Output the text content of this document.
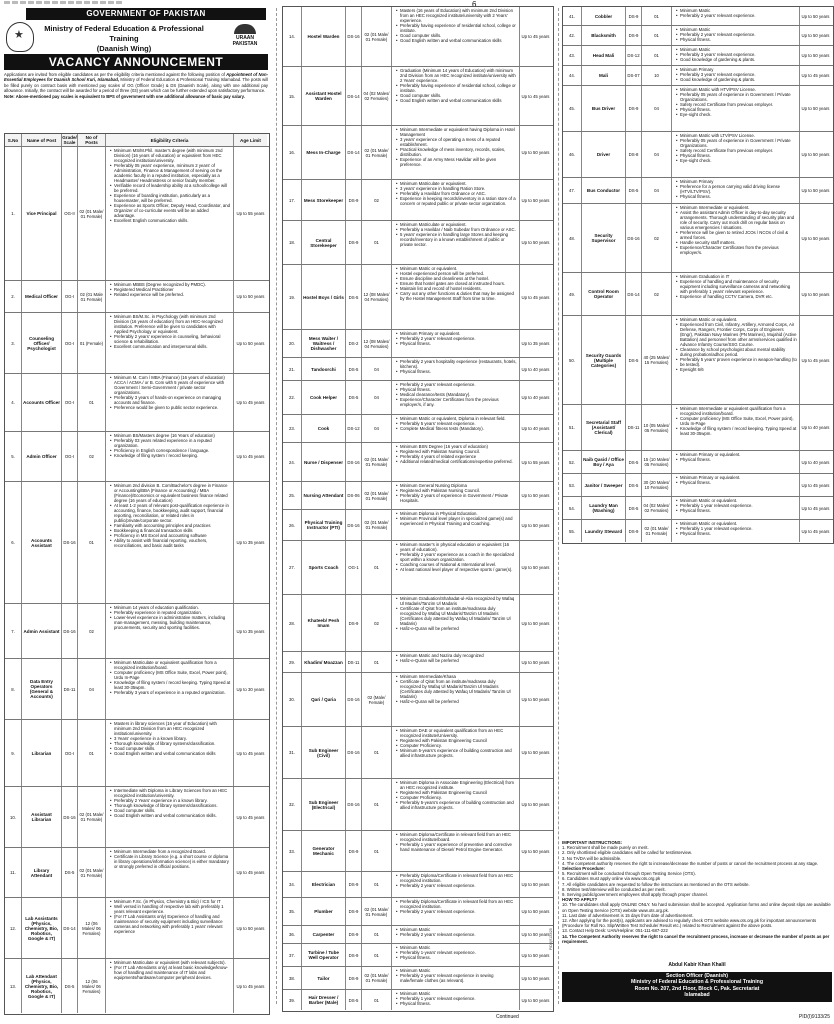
6
GOVERNMENT OF PAKISTAN
★
Ministry of Federal Education & Professional Training
(Daanish Wing)
URAAN
PAKISTAN
VACANCY ANNOUNCEMENT
Applications are invited from eligible candidates as per the eligibility criteria mentioned against the following position of Appointment of Non-Essential Employees for Daanish School Kuri, Islamabad, Ministry of Federal Education & Professional Training Islamabad. The posts will be filled purely on contract basis with mentioned pay scales of OG (Officer Grade) & DS (Daanish Scale), along with one additional pay allowance. Initially, the contract will be awarded for a period of three (03) years which can be further extended upon satisfactory performance.
Note: Above-mentioned pay scales is equivalent to BPS of government with one additional allowance of basic pay salary.
S.No	Name of Post	Grade/ Scale
No of Posts	Eligibility Criteria	Age Limit
1.	Vice Principal	OG-II	02 (01 Male/ 01 Female)
• Minimum MS/M.Phil. master's degree (with minimum 2nd Division) (16 years of education) or equivalent from HEC recognized institution/university.
• Preferably 05 years' experience, minimum 2 years' of Administration, Finance & Management of serving on the academic faculty in a reputed institution, especially as a Headmaster/ Headmistress or senior faculty member.
• Verifiable record of leadership ability at a school/college will be preferred.
• Experience of boarding institution, particularly as a housemaster, will be preferred.
• Experience as Sports Officer, Deputy Head, Coordinator, and Organizer of co-curricular events will be an added advantage.
• Excellent English communication skills.
Up to 55 years
2.	Medical Officer	OG-I	02 (01 Male 01 Female)
• Minimum MBBS (Degree recognized by PMDC).
• Registered Medical Practitioner
• Related experience will be preferred.	Up to 50 years
3.
Counseling Officer/ Psychologist
OG-I	01 (Female)
• Minimum BS/M.Sc. in Psychology (with minimum 2nd Division (16 years of education) from an HEC-recognized institution. Preference will be given to candidates with Applied Psychology or equivalent.
• Preferably 2 years' experience in counseling, behavioral science & rehabilitation.
• Excellent communication and interpersonal skills.
Up to 50 years
4.	Accounts Officer	OG-I	01
• Minimum M. Com / MBA (Finance) (16 years of education) ACCA / ACMA / or B. Com with 5 years of experience with Government / Semi-Government / private sector organizations.
• Preferably 3 years of hands-on experience on managing accounts and finance.
• Preference would be given to public sector experience.
Up to 45 years
5.	Admin Officer	OG-I	02
• Minimum BS/Masters degree (16 Years of education)
• Preferably 03 years related experience in a reputed organization.
• Proficiency in English correspondence / language.
• Knowledge of filing system / record keeping.	Up to 45 years
6.	Accounts Assistant	DS-16	01
• Minimum 2nd division B. Com/Bachelor's degree in Finance or Accounting/BBA (Finance or Accounting) / MBA (Finance)/Economics or equivalent business finance related degree (16 years of education)
• At least 1-2 years of relevant post-qualification experience in accounting, finance, bookkeeping, audit support, financial reporting, reconciliation, or related roles in public/private/corporate sector.
• Familiarity with accounting principles and practices
• Bookkeeping & financial transaction skills
• Proficiency in MS Excel and accounting software
• Ability to assist with financial reporting, vouchers, reconciliations, and basic audit tasks
Up to 35 years
7.	Admin Assistant DS-16	02
• Minimum 14 years of education qualification.
• Preferably experience in reputed organization.
• Lower-level experience in administrative matters, including man-management, messing, building maintenance, procurements, security and sporting facilities.
Up to 35 years
8.
Data Entry Operators (General & Accounts)
DS-11	04
• Minimum Matriculate or equivalent qualification from a recognized institution/board.
• Computer proficiency (MS Office Suite, Excel, Power point), Urdu In-Page
• Knowledge of filing system / record keeping. Typing Speed at least 30-35wpm.
• Preferably 3 years of experience in a reputed organization.
Up to 30 years
9.	Librarian	OG-I	01
• Masters in library sciences (16 year of Education) with minimum 2nd Division from an HEC recognized institution/university.
• 3 Years' experience in a known library.
• Thorough knowledge of library systems/classification.
• Good computer skills.
• Good English written and verbal communication skills	Up to 45 years
10.	Assistant Librarian	DS-16 02 (01 Male/ 01 Female)
• Intermediate with Diploma in Library Sciences from an HEC recognized institution/university.
• Preferably 2 Years' experience in a known library.
• Thorough knowledge of library systems/classifications.
• Good computer skills.
• Good English written and verbal communication skills.	Up to 45 years
11.	Library Attendant	DS-5	02 (01 Male/ 01 Female)
• Minimum Intermediate from a recognized Board.
• Certificate in Library Science (e.g. a short course or diploma in library operations/information science) is either mandatory or strongly preferred in official positions.
Up to 45 years
12.
Lab Assistants (Physics, Chemistry, Bio, Robotics, Google & IT)
DS-14
12 (06 Males/ 06 Females)
• Minimum F.Sc. (in Physics, Chemistry & Bio) / ICS for IT
• Well versed in handling of respective lab with preferably 1 years relevant experience.
• (For IT Lab Assistants only) Experience of handling and maintenance of security equipment including surveillance cameras and networking with preferably 1 years' relevant experience
Up to 50 years
13.
Lab Attendant (Physics, Chemistry, Bio, Robotics, Google & IT)
DS-5
12 (06 Males/ 06 Females)
• Minimum Matriculate or equivalent (with relevant subjects).
• (For IT Lab Attendants only) at least basic knowledge/know-how of handling and maintenance of IT labs and equipments/hardware/computer peripheral devices.
Up to 45 years
14.	Hostel Warden	DS-16	02 (01 Male/ 01 Female)
• Masters (16 years of Education) with minimum 2nd Division from an HEC recognized institute/university with 2 Years' experience.
• Preferably having experience of residential school, college or institute.
• Good computer skills.
• Good English written and verbal communication skills
Up to 45 years
15.	Assistant Hostel Warden	DS-14 04 (02 Males/ 02 Females)
• Graduation (Minimum 14 years of Education) with minimum 2nd Division from an HEC recognized institute/university with 2 Years' experience.
• Preferably having experience of residential school, college or institute.
• Good computer skills.
• Good English written and verbal communication skills
Up to 45 years
16.	Mess In-Charge	DS-14	02 (01 Male/ 01 Female)
• Minimum Intermediate or equivalent having Diploma in Hotel Management
• 3 years' experience of operating a mess of a reputed establishment.
• Practical knowledge of mess inventory, records, scales, distribution.
• Experience of an Army Mess Havildar will be given preference.
Up to 50 years
17.	Mess Storekeeper	DS-9	02
• Minimum Matriculate or equivalent.
• 3 years' experience in handling Ration Store.
• Preferably a Havildar from Ordnance or ASC.
• Experience in keeping records/inventory in a ration store of a concern or reputed public or private sector organization.
Up to 50 years
18.	Central Storekeeper	DS-9	01
• Minimum Matriculate or equivalent.
• Preferably a Havildar / Naib Subedar from Ordnance or ASC.
• 5 years' experience in handling large Stores and keeping records/inventory in a known establishment of public or private sector.	Up to 50 years
19.	Hostel Boys / Girls	DS-5	12 (08 Males/ 04 Females)
• Minimum Matric or equivalent.
• Hostel experienced person will be preferred.
• Ensure discipline and cleanliness at the hostel.
• Ensure that hostel gates are closed at instructed hours.
• Maintain list and record of hostel residents.
• Carry out any other functions & duties that may be assigned by the Hostel Management Staff from time to time.	Up to 45 years
20.
Mess Waiter / Waitress / Dishwasher
DS-2	12 (08 Males/ 04 Females)
• Minimum Primary or equivalent.
• Preferably 2 years' relevant experience.
• Physical fitness.	Up to 35 years
21.	Tandoorchi	DS-5	04
• Preferably 2 years hospitality experience (restaurants, hotels, kitchens).
• Physical fitness.	Up to 40 years
22.	Cook Helper	DS-5	04
• Preferably 2 years' relevant experience.
• Physical fitness.
• Medical clearance/tests (Mandatory).
• Experience/Character Certificates from the previous employer/s, if any.
Up to 40 years
23.	Cook	DS-12	04
• Minimum Matric or equivalent, Diploma in relevant field.
• Preferably 5 years' relevant experience.
• Complete Medical fitness tests (Mandatory).	Up to 40 years
24.	Nurse / Dispenser	DS-16	02 (01 Male/ 01 Female)
• Minimum BSN Degree (16 years of education)
• Registered with Pakistan Nursing Council.
• Preferably 4 years of related experience
• Additional related/medical certifications/expertise preferred.	Up to 55 years
25.	Nursing Attendant DS-06	02 (01 Male/ 01 Female)
• Minimum General Nursing Diploma
• Registered with Pakistan Nursing Council.
• Preferably 2 years of experience in Government / Private Hospitals.
Up to 50 years
26.	Physical Training Instructor (PTI)	DS-16	02 (01 Male/ 01 Female)
• Minimum Diploma in Physical Education.
• Minimum Provincial level player in specialized game(s) and experienced in Physical Training and Coaching.	Up to 50 years
27.	Sports Coach	OG-1	01
• Minimum master's in physical education or equivalent (16 years of education).
• Preferably 2 years' experience as a coach in the specialized sport within a known organization.
• Coaching courses of National & International level.
• At least national level player of respective sports / game(s).	Up to 50 years
28.	Khateeb/ Pesh Imam	DS-9	02
• Minimum Graduation/Shahadat-ul-Alia recognized by Wafaq Ul Madaris/Tanzim Ul Madaris
• Certificate of Qirat from an institute/madrassa duly recognized by Wafaq Ul Madaris/Tanzim Ul Madaris (Certificates duly attested by Wafaq Ul Madaris/ Tanzim Ul Madaris)
• Hafiz-e-Quran will be preferred
Up to 50 years
29.	Khadim/ Moazzan	DS-11	01
• Minimum Matric and Nazira duly recognized
• Hafiz-e-Quran will be preferred	Up to 50 years
30.	Qari / Qaria	DS-16	02 (Male/ Female)
• Minimum Intermediate/Khasa
• Certificate of Qirat from an institute/madrassa duly recognized by Wafaq Ul Madaris/Tanzim Ul Madaris (Certificates duly attested by Wafaq Ul Madaris/ Tanzim Ul Madaris)
• Hafiz-e-Quran will be preferred	Up to 50 years
31.	Sub Engineer (Civil)	DS-16	01
• Minimum DAE or equivalent qualification from an HEC recognized institute/University.
• Registered with Pakistan Engineering Council
• Computer Proficiency.
• Minimum 5-years's experience of building construction and allied infrastructure projects.
Up to 50 years
32.	Sub Engineer (Electrical)	DS-16	01
• Minimum Diploma in Associate Engineering (Electrical) from an HEC recognized institute.
• Registered with Pakistan Engineering Council
• Computer Proficiency.
• Preferably 5-years's experience of building construction and allied infrastructure projects.
Up to 50 years
33.	Generator Mechanic	DS-9	01
• Minimum Diploma/Certificate in relevant field from an HEC recognized institute/board.
• Preferably 1 years' experience of preventive and corrective hand maintenance of Diesel/ Petrol Engine Generator.	Up to 50 years
34.	Electrician	DS-9	01
• Preferably Diploma/Certificate in relevant field from an HEC recognized institution.
• Preferably 2 years' relevant experience.	Up to 50 years
35.	Plumber	DS-9	02 (01 Male/ 01 Female)
• Preferably Diploma/Certificate in relevant field from an HEC recognized institution.
• Preferably 2 years' relevant experience.	Up to 50 years
36.	Carpenter	DS-9	01
• Minimum Matric
• Preferably 2 years' relevant experience.	Up to 50 years
37.	Turbine / Tube Well Operator	DS-9	01
• Minimum Matric
• Preferably 1-years' relevant experience.
• Physical fitness.	Up to 50 years
38.	Tailor	DS-9	02 (01 Male/ 01 Female)
• Minimum Matric
• Preferably 2 years' relevant experience in sewing male/female clothes (as relevant).	Up to 50 years
39.	Hair Dresser / Barber (Male)	DS-5	01
• Minimum Matric
• Preferably 1 years' relevant experience.
• Physical fitness.
Up to 50 years
41.	Cobbler	DS-9	01
• Minimum Matric
• Preferably 2 years' relevant experience.	Up to 50 years
42.	Blacksmith	DS-9	01
• Minimum Matric
• Preferably 2 years' relevant experience.
• Physical fitness.
Up to 50 years
43.	Head Mali	DS-12	01
• Minimum Matric
• Preferably 3 years' relevant experience.
• Good knowledge of gardening & plants.
Up to 50 years
44.	Mali	DS-07	10
• Minimum Primary
• Preferably 3 years' relevant experience.
• Good knowledge of gardening & plants.
Up to 45 years
45.	Bus Driver	DS-9	04
• Minimum Matric with HTV/PSV License.
• Preferably 05 years of experience in Government / Private Organizations.
• Safety record Certificate from previous employer.
• Physical fitness.
• Eye-sight check.
Up to 50 years
46.	Driver	DS-8	04
• Minimum Matric with LTV/PSV License.
• Preferably 05 years of experience in Government / Private Organizations.
• Safety record Certificate from previous employer.
• Physical fitness.
• Eye-sight check.
Up to 50 years
47.	Bus Conductor	DS-5	04
• Minimum Primary
• Preference for a person carrying valid driving license (HTV/LTV/PSV).
• Physical fitness.
Up to 50 years
48.	Security Supervisor	DS-16	02
• Minimum Intermediate or equivalent.
• Assist the assistant Admin Officer in day-to-day security arrangements. Thorough understanding of security plan and role of security. Carry out mock drill on regular basis on various emergencies / situations.
• Preference will be given to retired JCOs / NCOs of civil & armed forces.
• Handle security staff matters.
• Experience/Character Certificates from the previous employer/s.
Up to 50 years
49.	Control Room Operator	DS-14	02
• Minimum Graduation in IT
• Experience of handling and maintenance of security equipment including surveillance cameras and networking with preferably 1 years' relevant experience.
• Experience of handling CCTV Camera, DVR etc.	Up to 50 years
50.
Security Guards (Multiple Categories)
DS-5	40 (25 Males/ 15 Females)
• Minimum Matric or equivalent.
• Experienced from Civil, Infantry, Artillery, Armored Corps, Air Defense, Rangers, Frontier Corps, Corps of Engineers (Engr), Pakistan Navy Marines (PN Marines), Mujahid (Active Battalion) and personnel from other arms/services qualified in Advance Infantry Course/SSG Course.
• Clearance by school psychologist about mental stability during probation/adhoc period.
• Preferably 5 years' proven experience in weapon-handling (to be tested).
• Eyesight 6/6
Up to 45 years
51.
Secretarial Staff (Assistant/ Clerical)
DS-11 10 (05 Males/ 05 Females)
• Minimum Intermediate or equivalent qualification from a recognized institution/board.
• Computer proficiency (MS Office Suite, Excel, Power point), Urdu In-Page
• Knowledge of filing system / record keeping. Typing Speed at least 30-35wpm.
Up to 40 years
52.	Naib Qasid / Office Boy / Aya	DS-5	15 (10 Males/ 05 Females)
• Minimum Primary or equivalent.
• Physical fitness.	Up to 40 years
53.	Janitor / Sweeper	DS-5	30 (20 Males/ 10 Females)
• Minimum Primary or equivalent.
• Physical fitness.	Up to 45 years
54.	Laundry Man (Washing)	DS-5	04 (02 Males/ 02 Females)
• Minimum Matric or equivalent.
• Preferably 1 year relevant experience.
• Physical fitness.	Up to 45 years
55.	Laundry Steward	DS-9	02 (01 Male/ 01 Female)
• Minimum Matric or equivalent.
• Preferably 1 year relevant experience.
• Physical fitness.	Up to 45 years
IMPORTANT INSTRUCTIONS:
1. Recruitment shall be made purely on merit.
2. Only shortlisted eligible candidates will be called for test/interview.
3. No TA/DA will be admissible.
4. The competent authority reserves the right to increase/decrease the number of posts or cancel the recruitment process at any stage.
Selection Procedure:
5. Recruitment will be conducted through Open Testing Service (OTS).
6. Candidates must apply online via www.ots.org.pk
7. All eligible candidates are requested to follow the instructions as mentioned on the OTS website.
8. Written test/interview will be conducted as per merit.
9. Serving public/government employees shall apply through proper channel.
HOW TO APPLY?
10. The candidates shall apply ONLINE ONLY. No hard submission shall be accepted. Application forms and online deposit slips are available on Open Testing Service (OTS) website www.ots.org.pk.
11. Last date of advertisement is 15 days from date of advertisement.
12. After applying for the post(s), applicants are advised to regularly check OTS website www.ots.org.pk for important announcements (Procedure for Roll No. Slip/Written Test Schedule/ Result etc.) related to Recruitment against the above posts.
13. Contact Help Desk: UAN/Helpline: 051-111-687-222
14. The Competent Authority reserves the right to cancel the recruitment process, increase or decrease the number of posts as per requirement.
Abdul Kabir Khan Khalil
Section Officer (Daanish)
Ministry of Federal Education & Professional Training
Room No. 207, 2nd Floor, Block C, Pak. Secretariat
Islamabad
PID(I)9133/25
Continued
PID(I)9133/25
